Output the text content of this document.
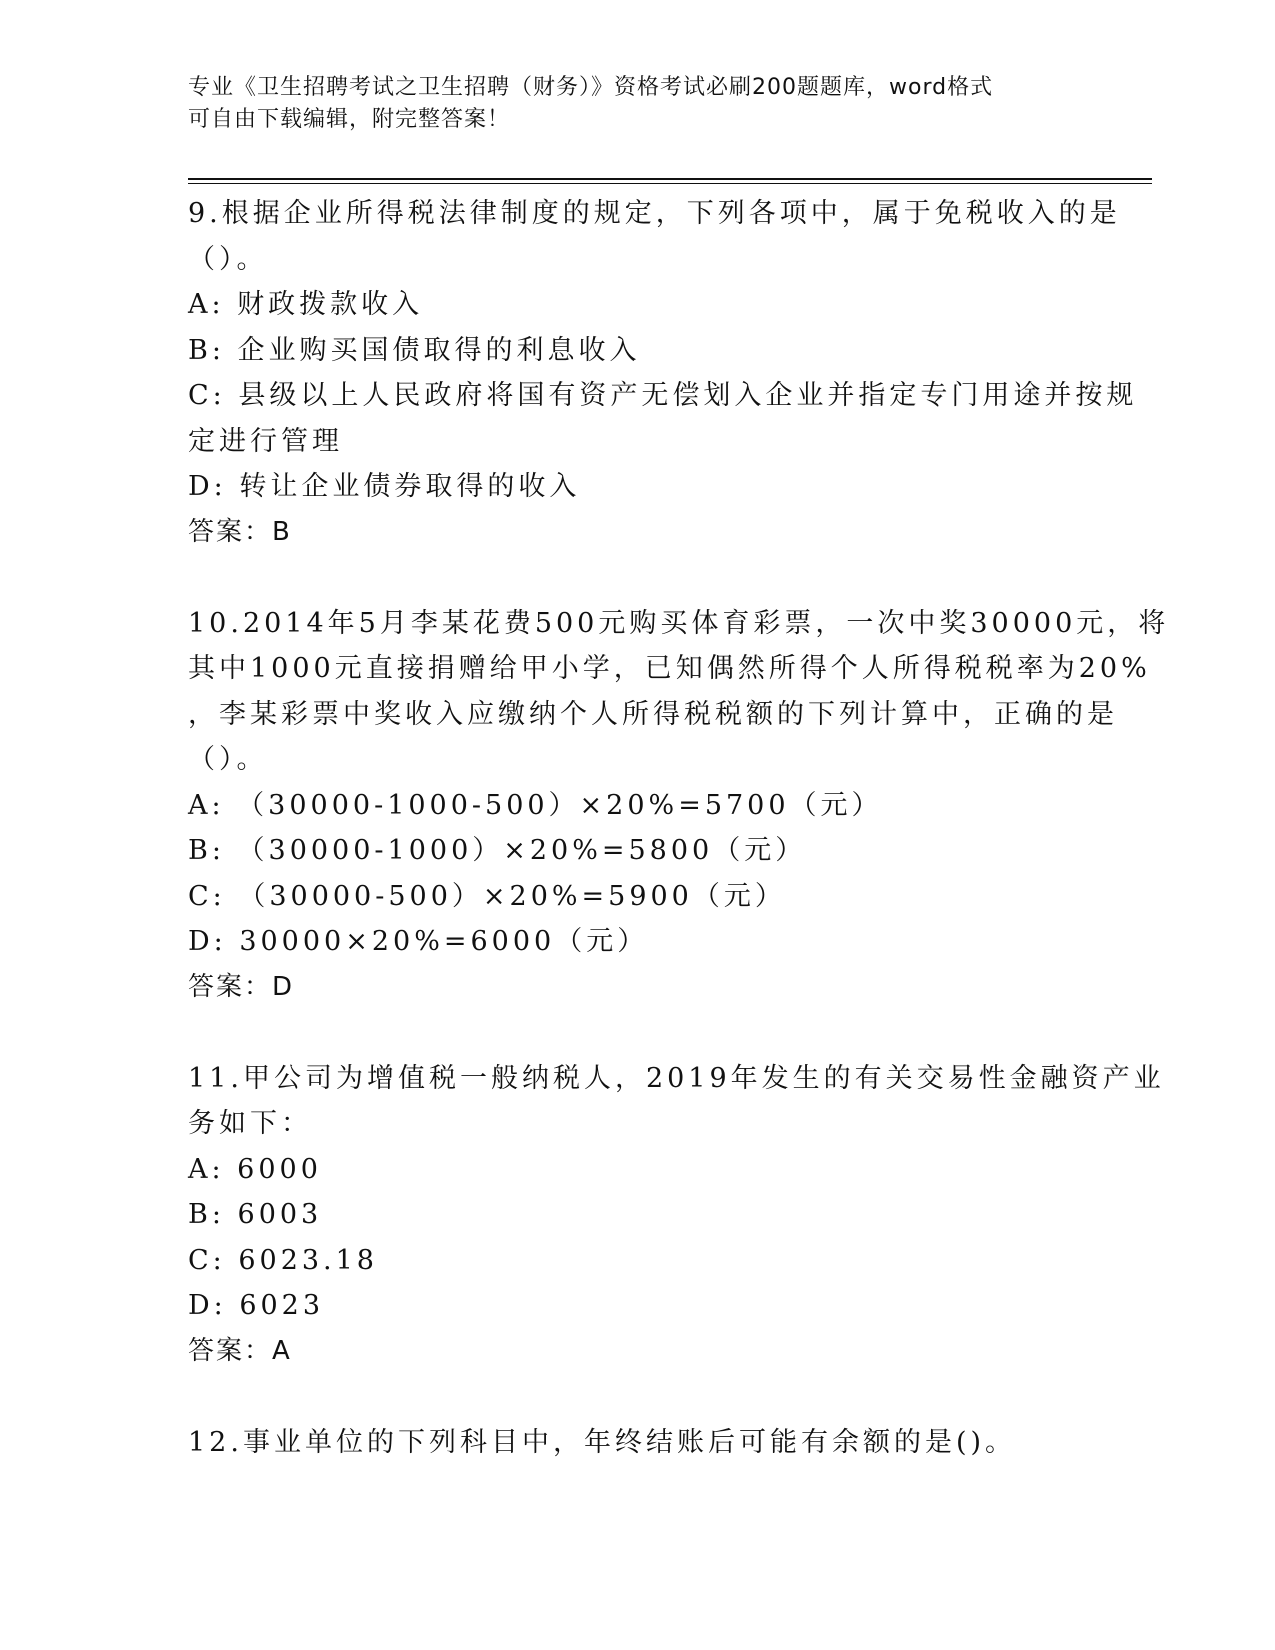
专业《卫生招聘考试之卫生招聘（财务）》资格考试必刷200题题库，word格式
可自由下载编辑，附完整答案！
9.根据企业所得税法律制度的规定，下列各项中，属于免税收入的是
（）。
A: 财政拨款收入
B: 企业购买国债取得的利息收入
C: 县级以上人民政府将国有资产无偿划入企业并指定专门用途并按规
定进行管理
D: 转让企业债券取得的收入
答案：B
10.2014年5月李某花费500元购买体育彩票，一次中奖30000元，将
其中1000元直接捐赠给甲小学，已知偶然所得个人所得税税率为20%
，李某彩票中奖收入应缴纳个人所得税税额的下列计算中，正确的是
（）。
A: （30000-1000-500）×20%=5700（元）
B: （30000-1000）×20%=5800（元）
C: （30000-500）×20%=5900（元）
D: 30000×20%=6000（元）
答案：D
11.甲公司为增值税一般纳税人，2019年发生的有关交易性金融资产业
务如下：
A: 6000
B: 6003
C: 6023.18
D: 6023
答案：A
12.事业单位的下列科目中，年终结账后可能有余额的是()。
